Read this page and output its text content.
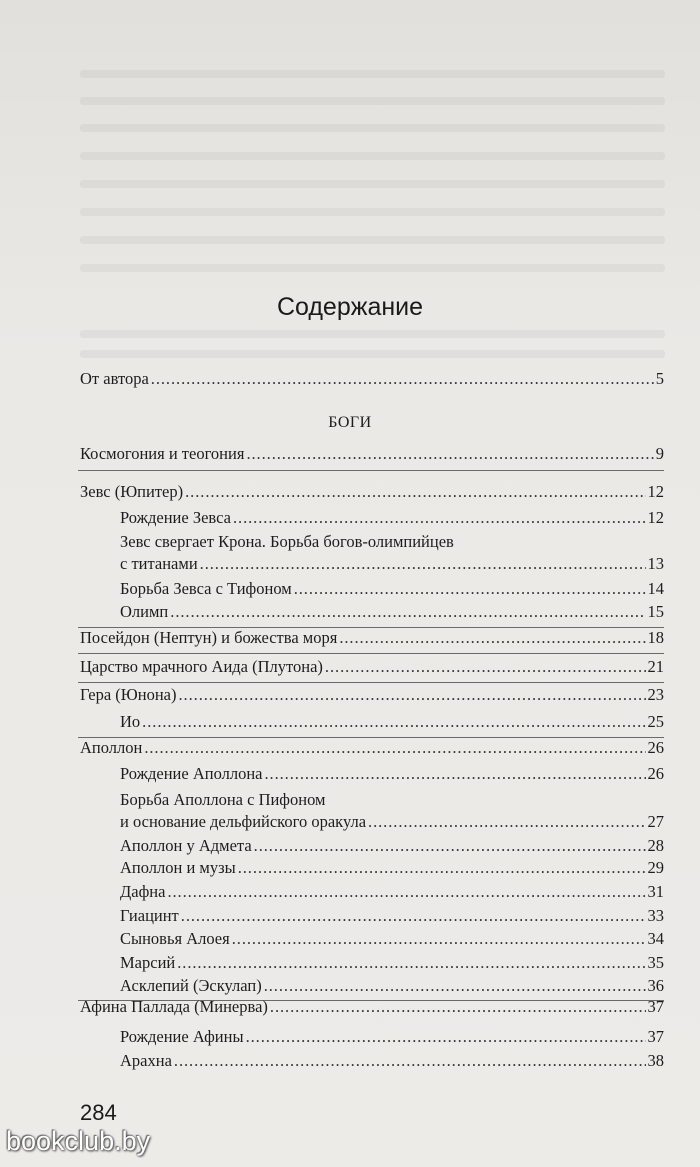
Содержание
От автора . . .	5
БОГИ
Космогония и теогония . . .	9
Зевс (Юпитер) . . .	12
Рождение Зевса . . .	12
Зевс свергает Крона. Борьба богов-олимпийцев
с титанами . . .	13
Борьба Зевса с Тифоном . . .	14
Олимп . . .	15
Посейдон (Нептун) и божества моря . . .	18
Царство мрачного Аида (Плутона) . . .	21
Гера (Юнона) . . .	23
Ио . . .	25
Аполлон . . .	26
Рождение Аполлона . . .	26
Борьба Аполлона с Пифоном
и основание дельфийского оракула . . .	27
Аполлон у Адмета . . .	28
Аполлон и музы . . .	29
Дафна . . .	31
Гиацинт . . .	33
Сыновья Алоея . . .	34
Марсий . . .	35
Асклепий (Эскулап) . . .	36
Афина Паллада (Минерва) . . .	37
Рождение Афины . . .	37
Арахна . . .	38
284
bookclub.by
